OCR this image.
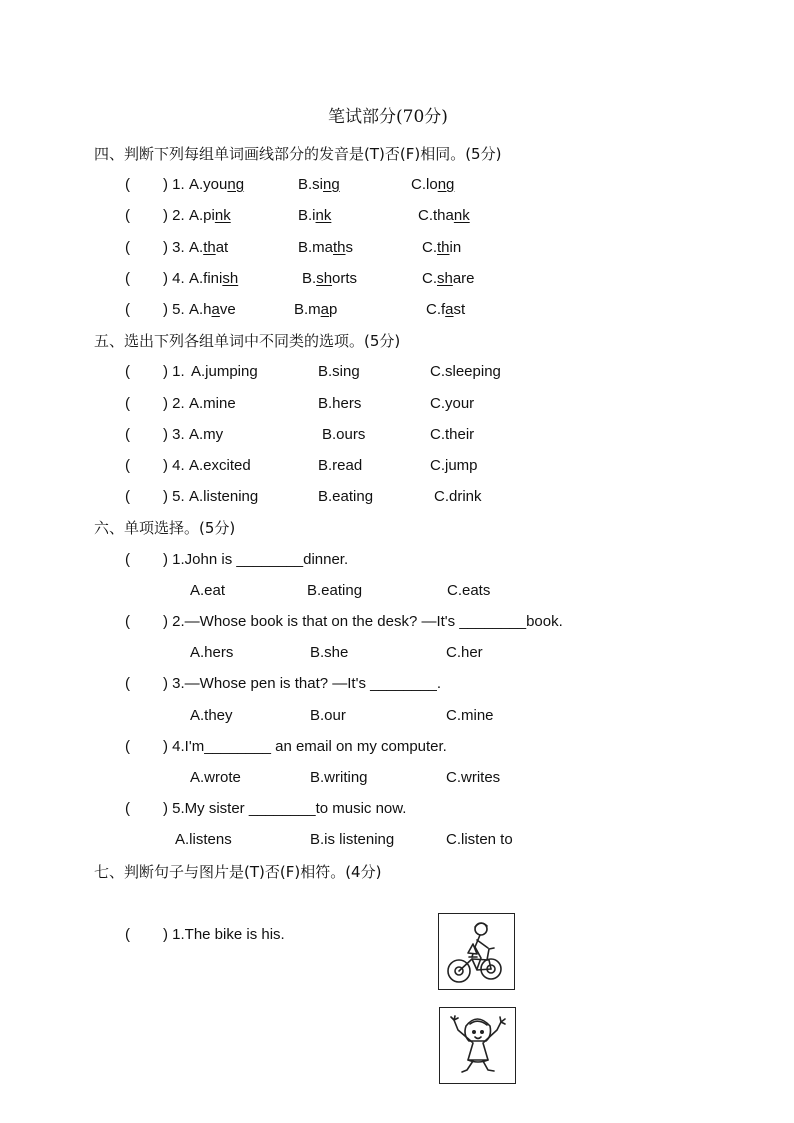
笔试部分(70分)
四、判断下列每组单词画线部分的发音是(T)否(F)相同。(5分)
( ) 1. A.young	B.sing	C.long
( ) 2. A.pink	B.ink	C.thank
( ) 3. A.that	B.maths	C.thin
( ) 4. A.finish	B.shorts	C.share
( ) 5. A.have	B.map	C.fast
五、选出下列各组单词中不同类的选项。(5分)
( ) 1. A.jumping	B.sing	C.sleeping
( ) 2. A.mine	B.hers	C.your
( ) 3. A.my	B.ours	C.their
( ) 4. A.excited	B.read	C.jump
( ) 5. A.listening	B.eating	C.drink
六、单项选择。(5分)
( ) 1.John is ________dinner.
A.eat	B.eating	C.eats
( ) 2.—Whose book is that on the desk? —It's ________book.
A.hers	B.she	C.her
( ) 3.—Whose pen is that? —It's ________.
A.they	B.our	C.mine
( ) 4.I'm________ an email on my computer.
A.wrote	B.writing	C.writes
( ) 5.My sister ________to music now.
A.listens	B.is listening	C.listen to
七、判断句子与图片是(T)否(F)相符。(4分)
( ) 1.The bike is his.
